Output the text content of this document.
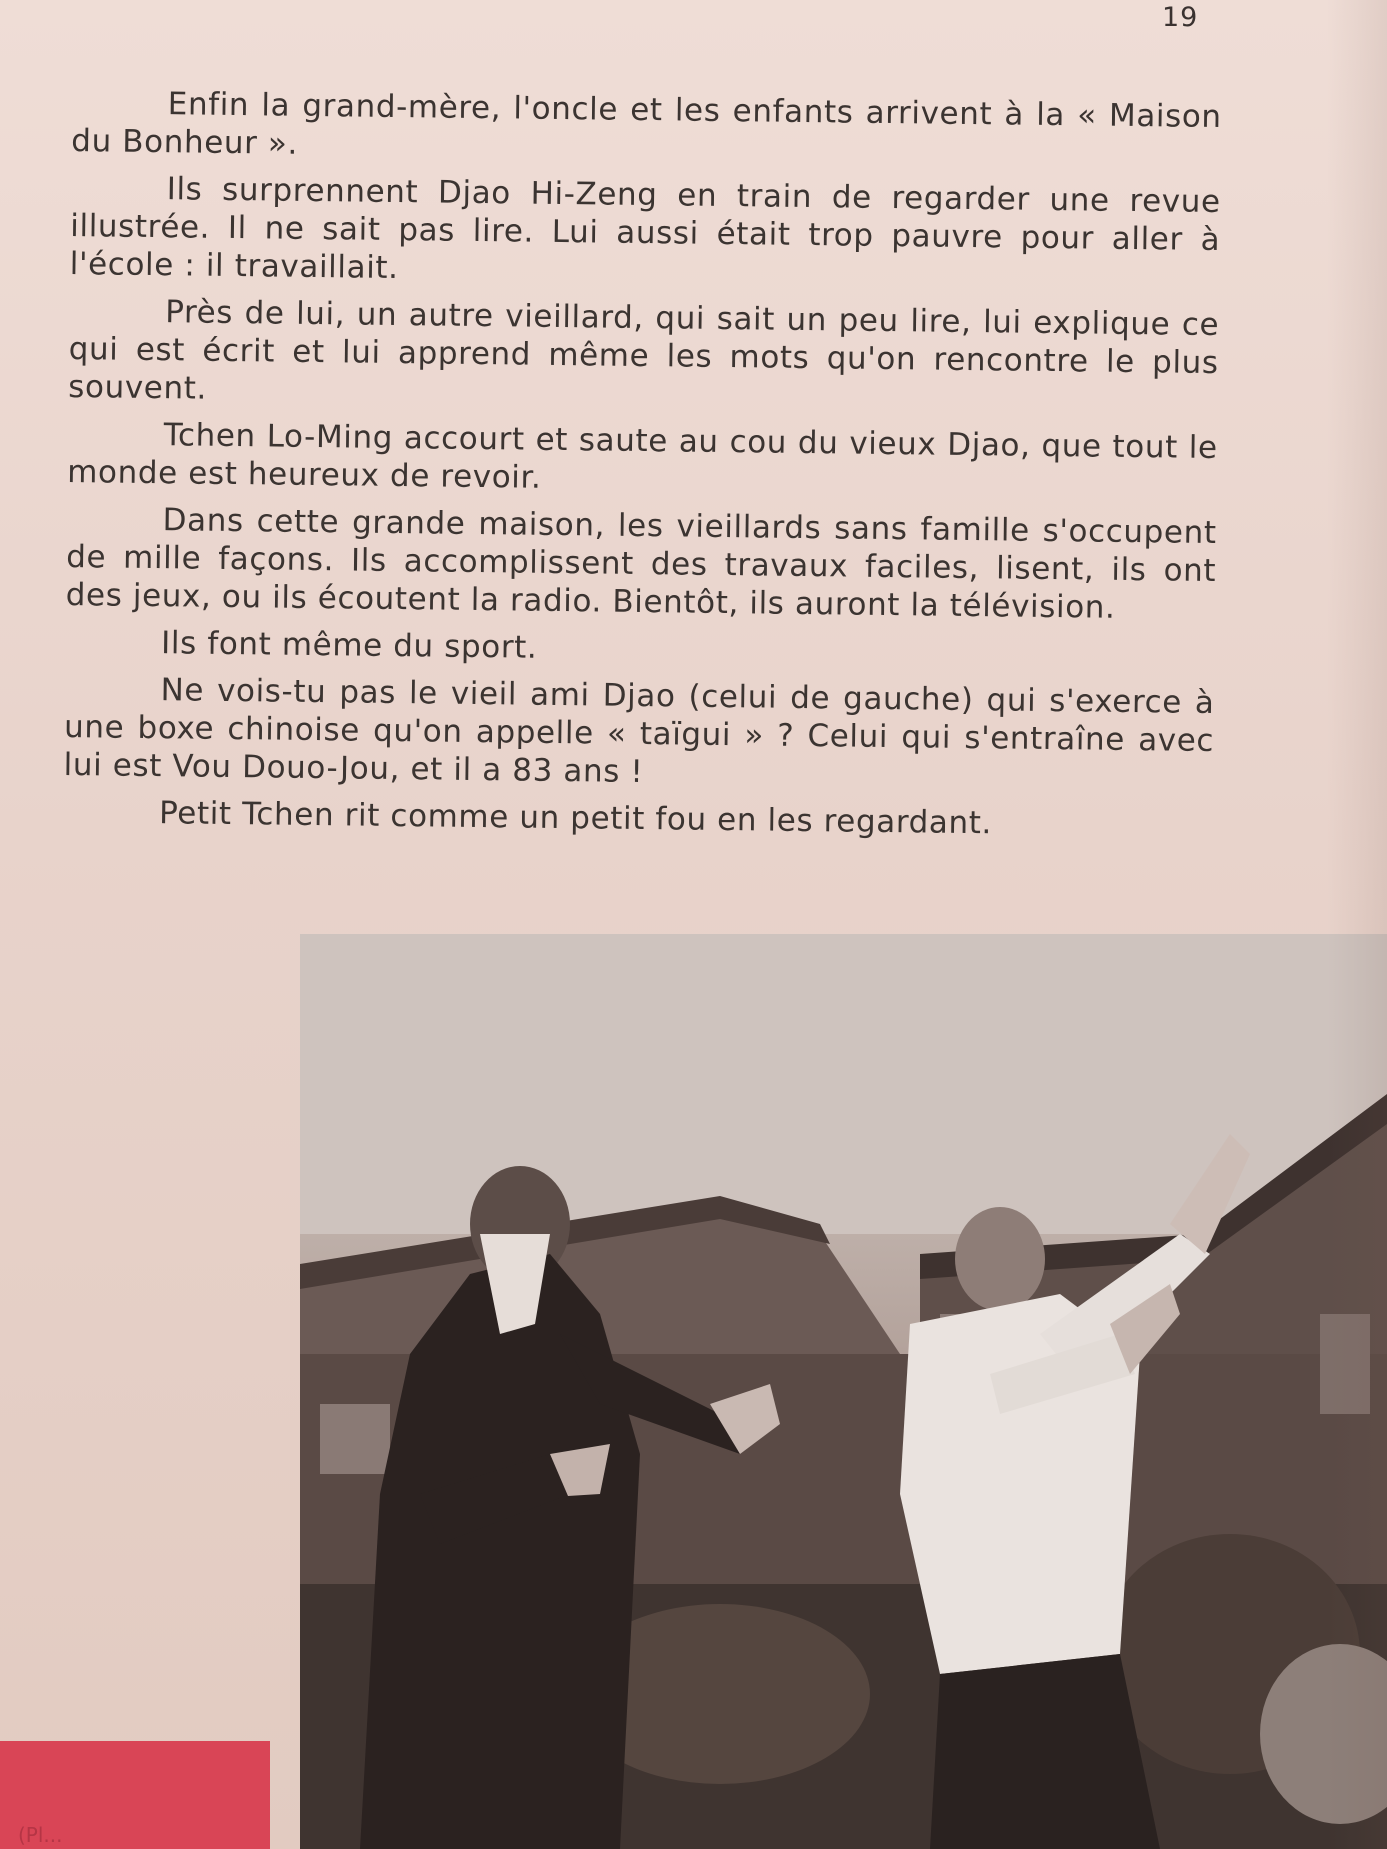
19

Enfin la grand-mère, l'oncle et les enfants arrivent à la « Maison du Bonheur ».

Ils surprennent Djao Hi-Zeng en train de regarder une revue illustrée. Il ne sait pas lire. Lui aussi était trop pauvre pour aller à l'école : il travaillait.

Près de lui, un autre vieillard, qui sait un peu lire, lui explique ce qui est écrit et lui apprend même les mots qu'on rencontre le plus souvent.

Tchen Lo-Ming accourt et saute au cou du vieux Djao, que tout le monde est heureux de revoir.

Dans cette grande maison, les vieillards sans famille s'occupent de mille façons. Ils accomplissent des travaux faciles, lisent, ils ont des jeux, ou ils écoutent la radio. Bientôt, ils auront la télévision.

Ils font même du sport.

Ne vois-tu pas le vieil ami Djao (celui de gauche) qui s'exerce à une boxe chinoise qu'on appelle « taïgui » ? Celui qui s'entraîne avec lui est Vou Douo-Jou, et il a 83 ans !

Petit Tchen rit comme un petit fou en les regardant.

(Pl...
